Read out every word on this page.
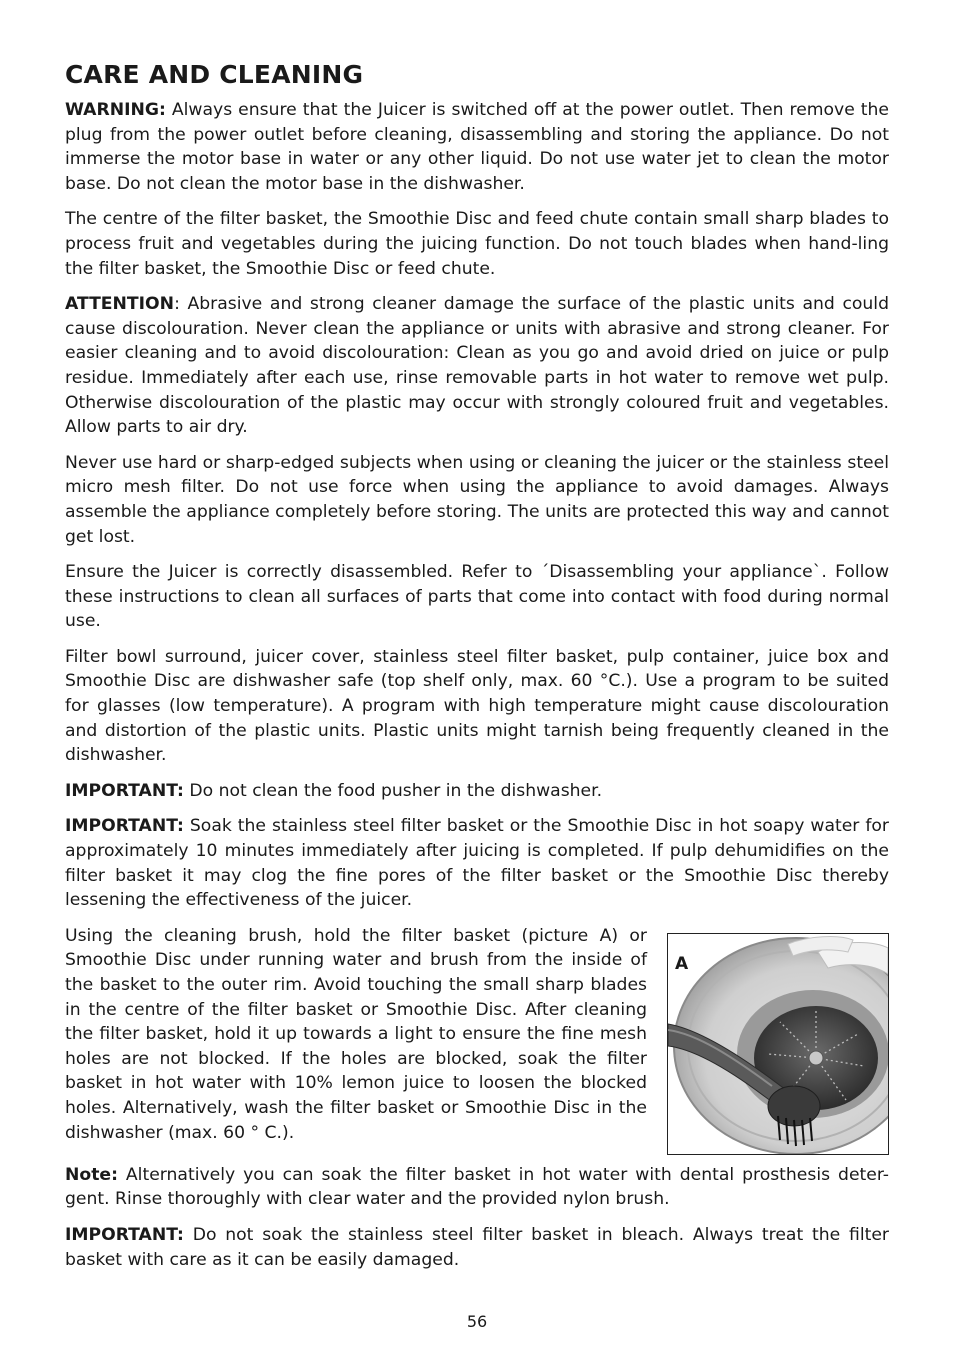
CARE AND CLEANING

WARNING: Always ensure that the Juicer is switched off at the power outlet. Then remove the plug from the power outlet before cleaning, disassembling and storing the appliance. Do not immerse the motor base in water or any other liquid. Do not use water jet to clean the motor base. Do not clean the motor base in the dishwasher.

The centre of the filter basket, the Smoothie Disc and feed chute contain small sharp blades to process fruit and vegetables during the juicing function. Do not touch blades when hand-ling the filter basket, the Smoothie Disc or feed chute.

ATTENTION: Abrasive and strong cleaner damage the surface of the plastic units and could cause discolouration. Never clean the appliance or units with abrasive and strong cleaner. For easier cleaning and to avoid discolouration: Clean as you go and avoid dried on juice or pulp residue. Immediately after each use, rinse removable parts in hot water to remove wet pulp. Otherwise discolouration of the plastic may occur with strongly coloured fruit and vegetables. Allow parts to air dry.

Never use hard or sharp-edged subjects when using or cleaning the juicer or the stainless steel micro mesh filter. Do not use force when using the appliance to avoid damages. Always assemble the appliance completely before storing. The units are protected this way and cannot get lost.

Ensure the Juicer is correctly disassembled. Refer to ´Disassembling your appliance`. Follow these instructions to clean all surfaces of parts that come into contact with food during normal use.

Filter bowl surround, juicer cover, stainless steel filter basket, pulp container, juice box and Smoothie Disc are dishwasher safe (top shelf only, max. 60 °C.). Use a program to be suited for glasses (low temperature). A program with high temperature might cause discolouration and distortion of the plastic units. Plastic units might tarnish being frequently cleaned in the dishwasher.

IMPORTANT: Do not clean the food pusher in the dishwasher.

IMPORTANT: Soak the stainless steel filter basket or the Smoothie Disc in hot soapy water for approximately 10 minutes immediately after juicing is completed. If pulp dehumidifies on the filter basket it may clog the fine pores of the filter basket or the Smoothie Disc thereby lessening the effectiveness of the juicer.

A

Using the cleaning brush, hold the filter basket (picture A) or Smoothie Disc under running water and brush from the inside of the basket to the outer rim. Avoid touching the small sharp blades in the centre of the filter basket or Smoothie Disc. After cleaning the filter basket, hold it up towards a light to ensure the fine mesh holes are not blocked. If the holes are blocked, soak the filter basket in hot water with 10% lemon juice to loosen the blocked holes. Alternatively, wash the filter basket or Smoothie Disc in the dishwasher (max. 60 ° C.).

Note: Alternatively you can soak the filter basket in hot water with dental prosthesis deter-gent. Rinse thoroughly with clear water and the provided nylon brush.

IMPORTANT: Do not soak the stainless steel filter basket in bleach. Always treat the filter basket with care as it can be easily damaged.

56
